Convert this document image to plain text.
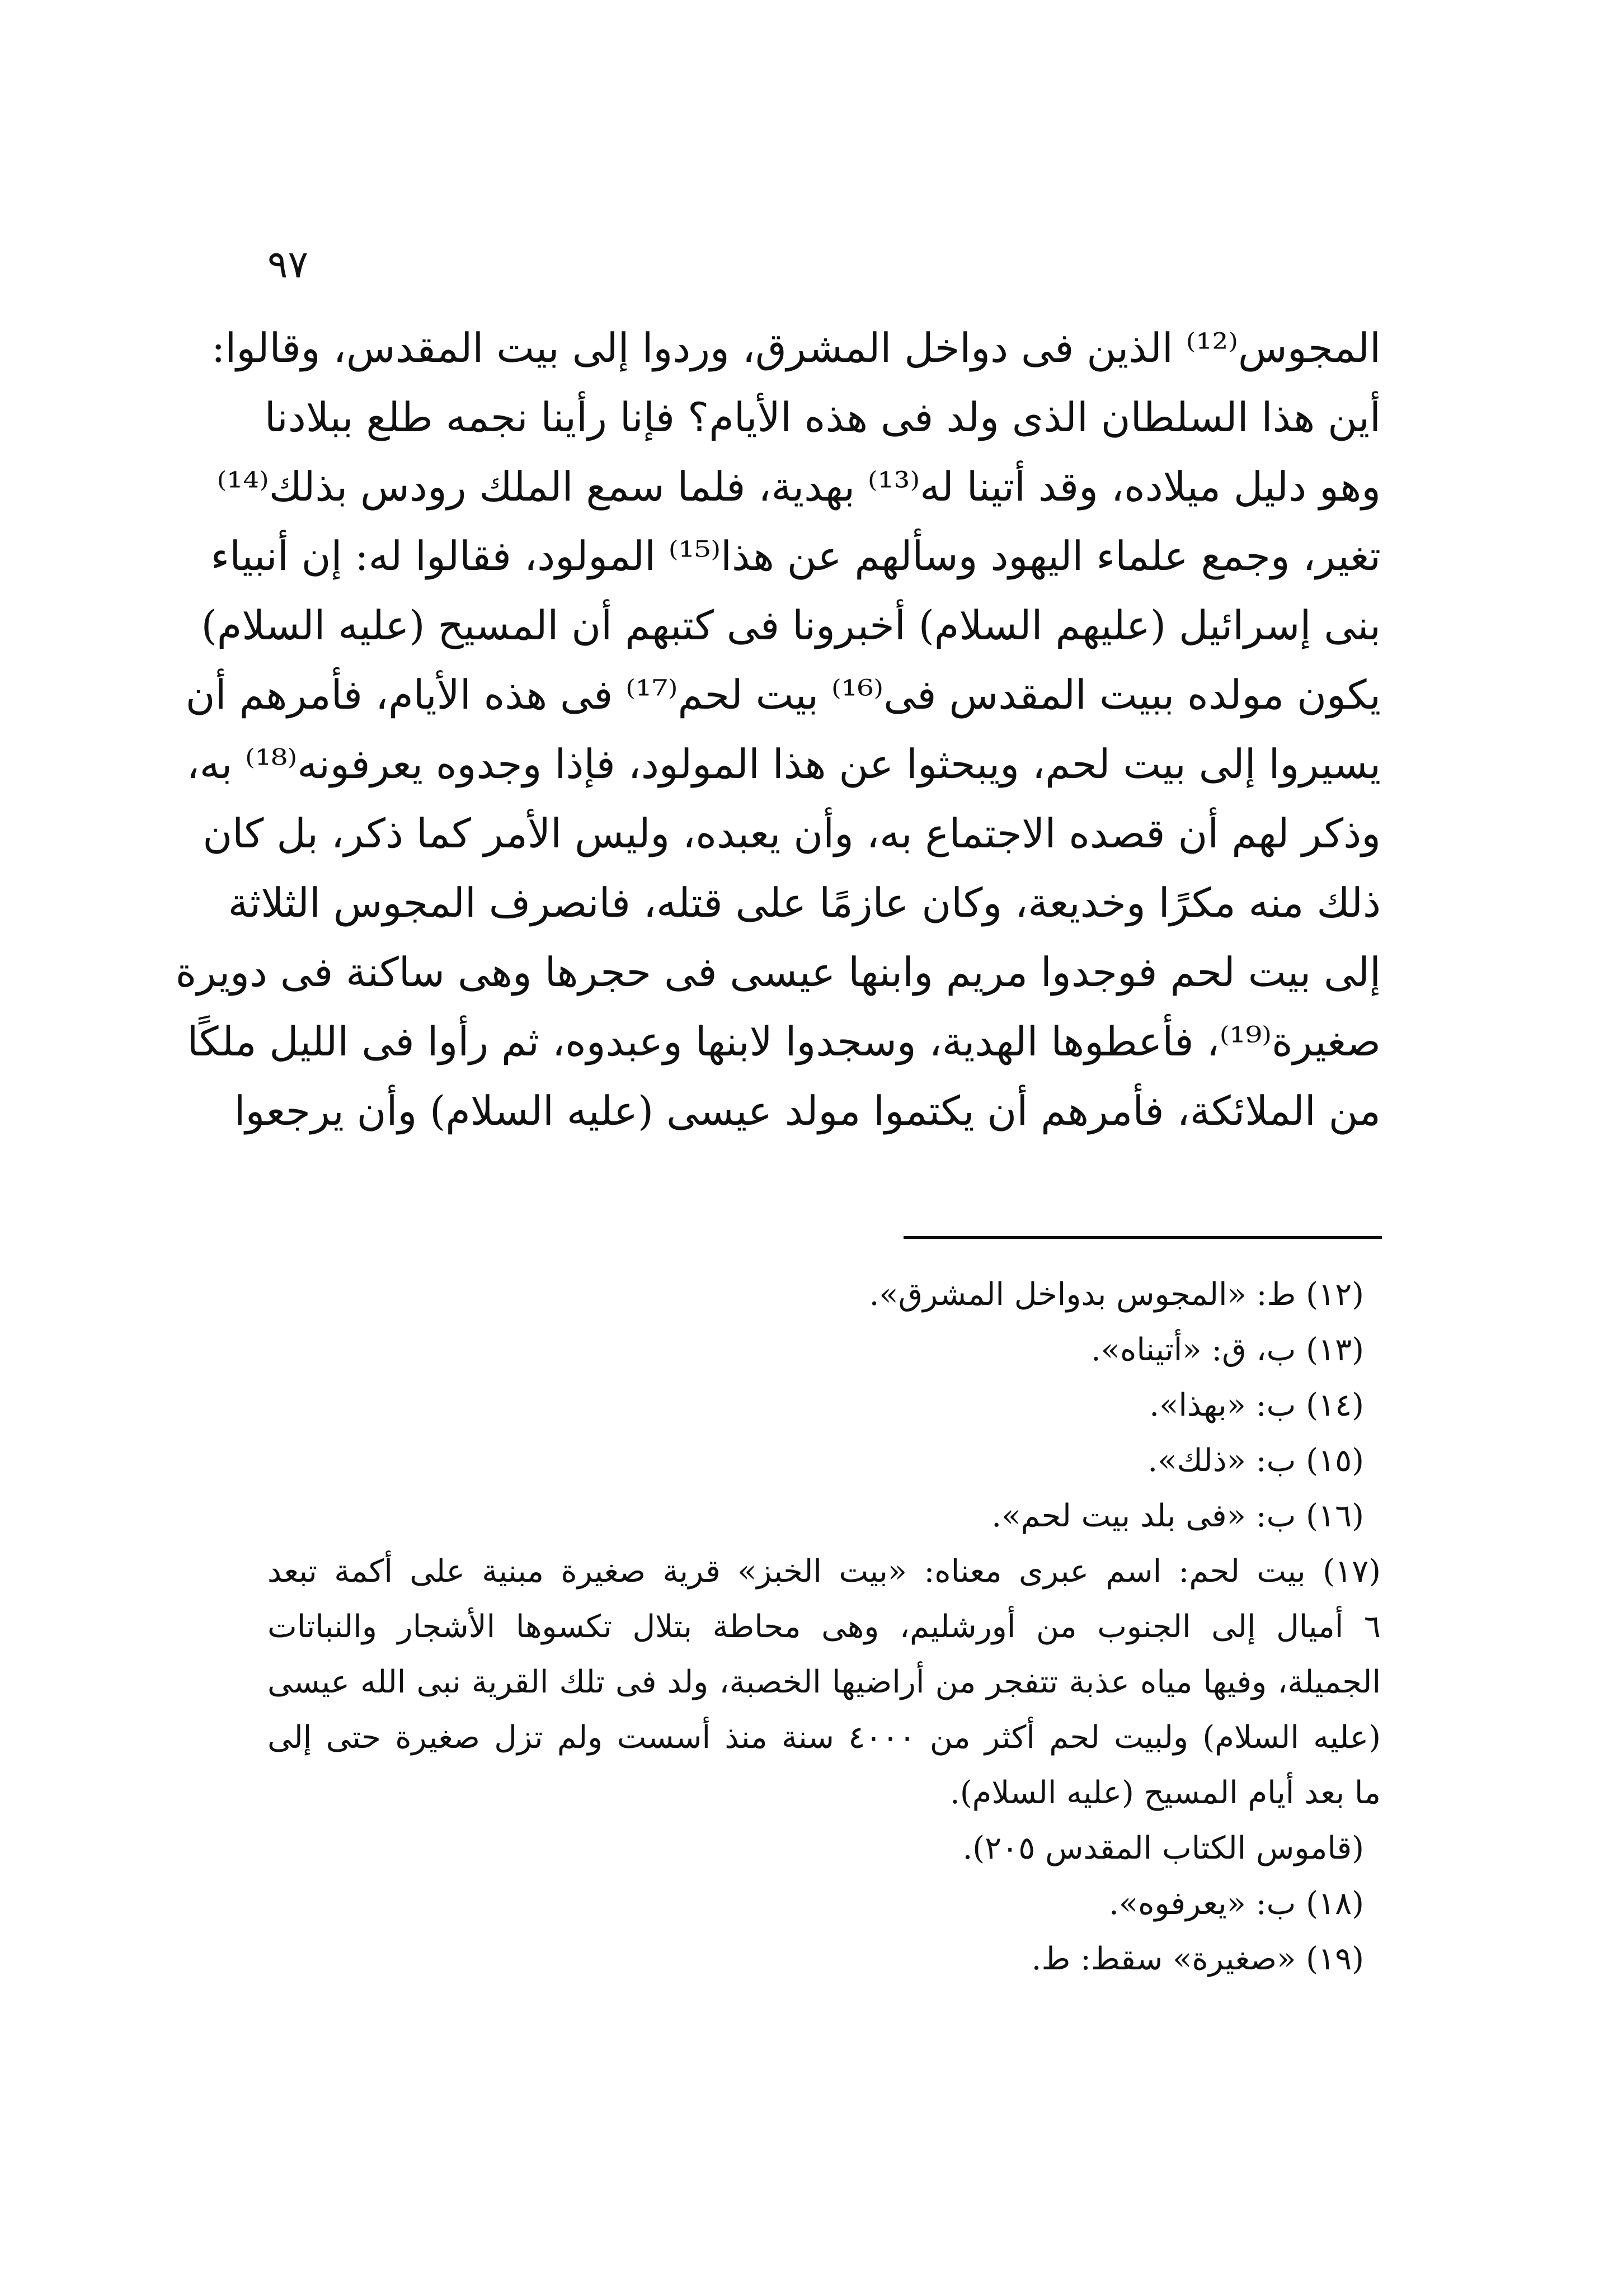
٩٧
المجوس⁽¹²⁾ الذين فى دواخل المشرق، وردوا إلى بيت المقدس، وقالوا:
أين هذا السلطان الذى ولد فى هذه الأيام؟ فإنا رأينا نجمه طلع ببلادنا
وهو دليل ميلاده، وقد أتينا له⁽¹³⁾ بهدية، فلما سمع الملك رودس بذلك⁽¹⁴⁾
تغير، وجمع علماء اليهود وسألهم عن هذا⁽¹⁵⁾ المولود، فقالوا له: إن أنبياء
بنى إسرائيل (عليهم السلام) أخبرونا فى كتبهم أن المسيح (عليه السلام)
يكون مولده ببيت المقدس فى⁽¹⁶⁾ بيت لحم⁽¹⁷⁾ فى هذه الأيام، فأمرهم أن
يسيروا إلى بيت لحم، ويبحثوا عن هذا المولود، فإذا وجدوه يعرفونه⁽¹⁸⁾ به،
وذكر لهم أن قصده الاجتماع به، وأن يعبده، وليس الأمر كما ذكر، بل كان
ذلك منه مكرًا وخديعة، وكان عازمًا على قتله، فانصرف المجوس الثلاثة
إلى بيت لحم فوجدوا مريم وابنها عيسى فى حجرها وهى ساكنة فى دويرة
صغيرة⁽¹⁹⁾، فأعطوها الهدية، وسجدوا لابنها وعبدوه، ثم رأوا فى الليل ملكًا
من الملائكة، فأمرهم أن يكتموا مولد عيسى (عليه السلام) وأن يرجعوا
(١٢) ط: «المجوس بدواخل المشرق».
(١٣) ب، ق: «أتيناه».
(١٤) ب: «بهذا».
(١٥) ب: «ذلك».
(١٦) ب: «فى بلد بيت لحم».
(١٧) بيت لحم: اسم عبرى معناه: «بيت الخبز» قرية صغيرة مبنية على أكمة تبعد
٦ أميال إلى الجنوب من أورشليم، وهى محاطة بتلال تكسوها الأشجار والنباتات
الجميلة، وفيها مياه عذبة تتفجر من أراضيها الخصبة، ولد فى تلك القرية نبى الله عيسى
(عليه السلام) ولبيت لحم أكثر من ٤٠٠٠ سنة منذ أسست ولم تزل صغيرة حتى إلى
ما بعد أيام المسيح (عليه السلام).
(قاموس الكتاب المقدس ٢٠٥).
(١٨) ب: «يعرفوه».
(١٩) «صغيرة» سقط: ط.
